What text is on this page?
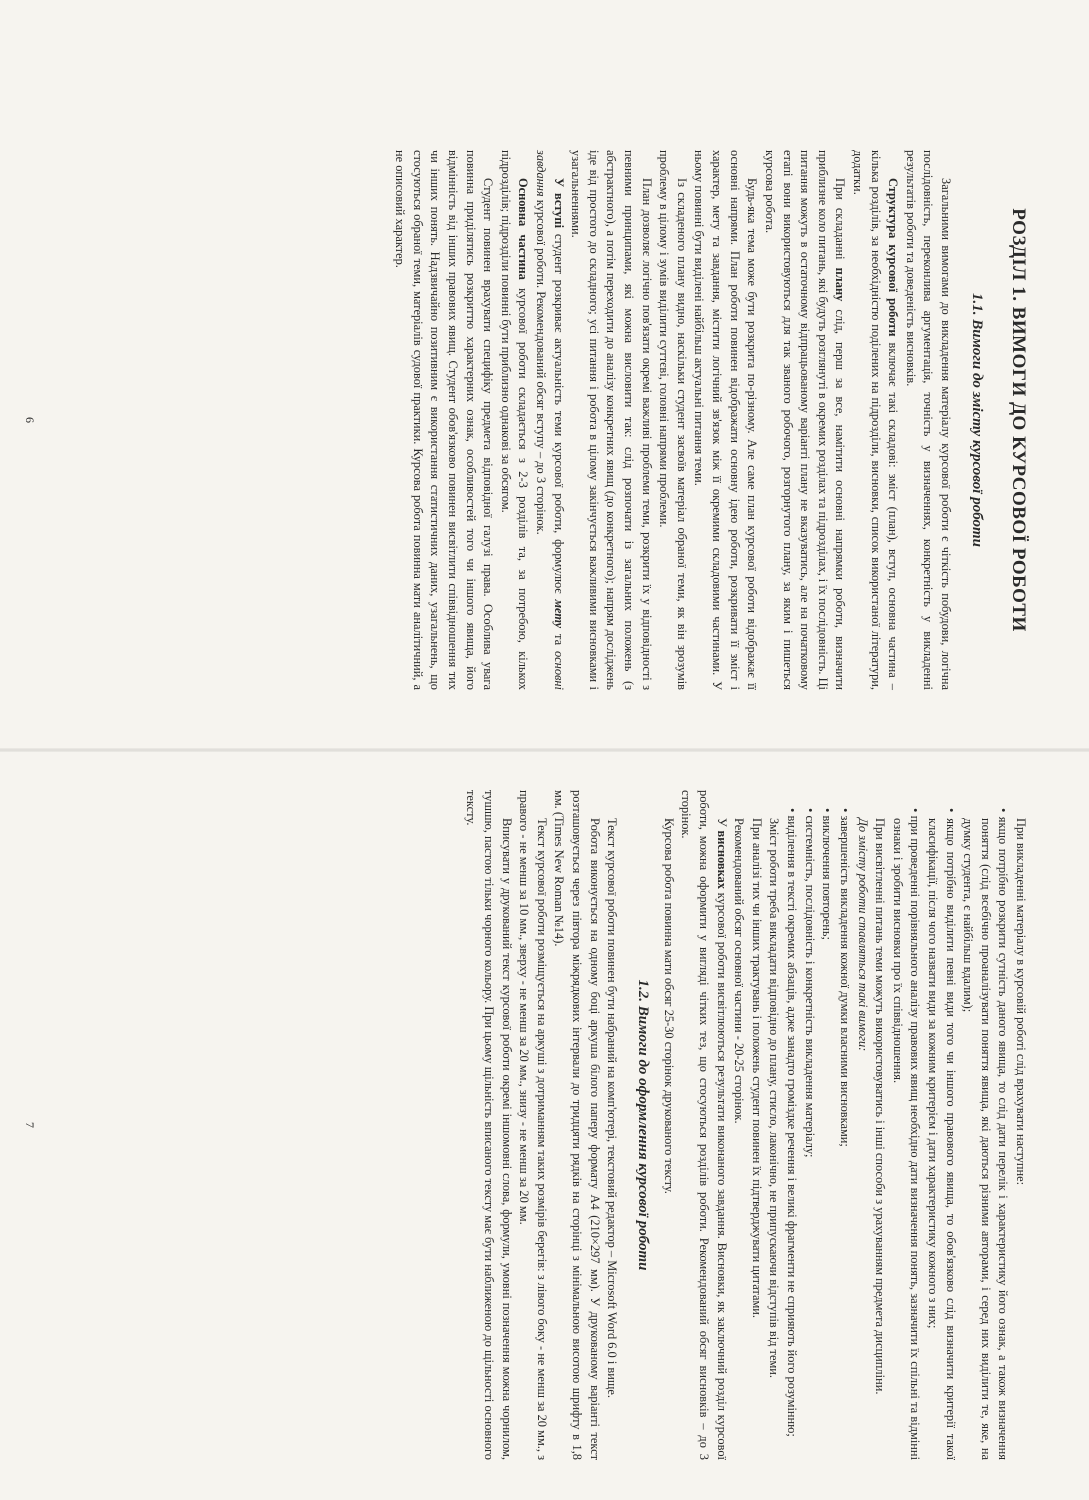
РОЗДІЛ 1. ВИМОГИ ДО КУРСОВОЇ РОБОТИ
1.1. Вимоги до змісту курсової роботи

Загальними вимогами до викладення матеріалу курсової роботи є чіткість побудови, логічна послідовність, переконлива аргументація, точність у визначеннях, конкретність у викладенні результатів роботи та доведеність висновків.

Структура курсової роботи включає такі складові: зміст (план), вступ, основна частина – кілька розділів, за необхідністю поділених на підрозділи, висновки, список використаної літератури, додатки.

При складанні плану слід, перш за все, намітити основні напрямки роботи, визначити приблизне коло питань, які будуть розглянуті в окремих розділах та підрозділах, і їх послідовність. Ці питання можуть в остаточному відпрацьованому варіанті плану не вказуватись, але на початковому етапі вони використовуються для так званого робочого, розгорнутого плану, за яким і пишеться курсова робота.

Будь-яка тема може бути розкрита по-різному. Але саме план курсової роботи відображає її основні напрями. План роботи повинен відображати основну ідею роботи, розкривати її зміст і характер, мету та завдання, містити логічний зв'язок між її окремими складовими частинами. У ньому повинні бути виділені найбільш актуальні питання теми.

Із складеного плану видно, наскільки студент засвоїв матеріал обраної теми, як він зрозумів проблему в цілому і зумів виділити суттєві, головні напрями проблеми.

План дозволяє логічно пов'язати окремі важливі проблеми теми, розкрити їх у відповідності з певними принципами, які можна висловити так: слід розпочати із загальних положень (з абстрактного), а потім переходити до аналізу конкретних явищ (до конкретного); напрям досліджень іде від простого до складного; усі питання і робота в цілому закінчується важливими висновками і узагальненнями.

У вступі студент розкриває актуальність теми курсової роботи, формулює мету та основні завдання курсової роботи. Рекомендований обсяг вступу – до 3 сторінок.

Основна частина курсової роботи складається з 2-3 розділів та, за потребою, кількох підрозділів; підрозділи повинні бути приблизно однакові за обсягом.

Студент повинен врахувати специфіку предмета відповідної галузі права. Особлива увага повинна приділятись розкриттю характерних ознак, особливостей того чи іншого явища, його відмінність від інших правових явищ. Студент обов'язково повинен висвітлити співвідношення тих чи інших понять. Надзвичайно позитивним є використання статистичних даних, узагальнень, що стосуються обраної теми, матеріалів судової практики. Курсова робота повинна мати аналітичний, а не описовий характер.

6

При викладенні матеріалу в курсовій роботі слід врахувати наступне:

• якщо потрібно розкрити сутність даного явища, то слід дати перелік і характеристику його ознак, а також визначення поняття (слід всебічно проаналізувати поняття явища, які даються різними авторами, і серед них виділити те, яке, на думку студента, є найбільш вдалим);
• якщо потрібно виділити певні види того чи іншого правового явища, то обов'язково слід визначити критерії такої класифікації, після чого назвати види за кожним критерієм і дати характеристику кожного з них;
• при проведенні порівняльного аналізу правових явищ необхідно дати визначення понять, зазначити їх спільні та відмінні ознаки і зробити висновки про їх співвідношення.

При висвітленні питань теми можуть використовуватись і інші способи з урахуванням предмета дисципліни.

До змісту роботи ставляться такі вимоги:

• завершеність викладення кожної думки власними висновками;
• виключення повторень;
• системність, послідовність і конкретність викладення матеріалу;
• виділення в тексті окремих абзаців, адже занадто громіздке речення і великі фрагменти не сприяють його розумінню;

Зміст роботи треба викладати відповідно до плану, стисло, лаконічно, не припускаючи відступів від теми.

При аналізі тих чи інших трактувань і положень студент повинен їх підтверджувати цитатами.

Рекомендований обсяг основної частини - 20-25 сторінок.

У висновках курсової роботи висвітлюються результати виконаного завдання. Висновки, як заключний розділ курсової роботи, можна оформити у вигляді чітких тез, що стосуються розділів роботи. Рекомендований обсяг висновків – до 3 сторінок.

Курсова робота повинна мати обсяг 25-30 сторінок друкованого тексту.

1.2. Вимоги до оформлення курсової роботи

Текст курсової роботи повинен бути набраний на комп'ютері, текстовий редактор – Microsoft Word 6.0 і вище.

Робота виконується на одному боці аркуша білого паперу формату А4 (210×297 мм). У друкованому варіанті текст розташовується через півтора міжрядкових інтервали до тридцяти рядків на сторінці з мінімальною висотою шрифту в 1,8 мм. (Times New Roman №14).

Текст курсової роботи розміщується на аркуші з дотриманням таких розмірів берегів: з лівого боку - не менш за 20 мм., з правого - не менш за 10 мм., зверху - не менш за 20 мм., знизу - не менш за 20 мм.

Вписувати у друкований текст курсової роботи окремі іншомовні слова, формули, умовні позначення можна чорнилом, тушшю, пастою тільки чорного кольору. При цьому щільність вписаного тексту має бути наближеною до щільності основного тексту.

7
